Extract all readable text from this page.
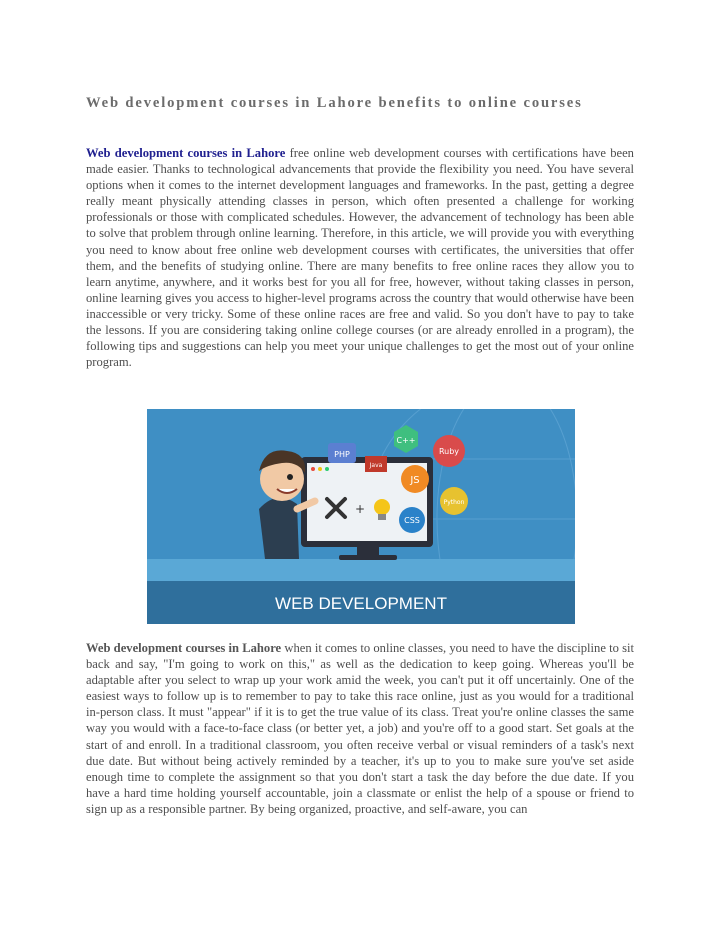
Web development courses in Lahore benefits to online courses

Web development courses in Lahore free online web development courses with certifications have been made easier. Thanks to technological advancements that provide the flexibility you need. You have several options when it comes to the internet development languages and frameworks. In the past, getting a degree really meant physically attending classes in person, which often presented a challenge for working professionals or those with complicated schedules. However, the advancement of technology has been able to solve that problem through online learning. Therefore, in this article, we will provide you with everything you need to know about free online web development courses with certificates, the universities that offer them, and the benefits of studying online. There are many benefits to free online races they allow you to learn anytime, anywhere, and it works best for you all for free, however, without taking classes in person, online learning gives you access to higher-level programs across the country that would otherwise have been inaccessible or very tricky. Some of these online races are free and valid. So you don't have to pay to take the lessons. If you are considering taking online college courses (or are already enrolled in a program), the following tips and suggestions can help you meet your unique challenges to get the most out of your online program.

+
PHP
C++
Ruby
Java
JS
Python
CSS
WEB DEVELOPMENT

Web development courses in Lahore when it comes to online classes, you need to have the discipline to sit back and say, "I'm going to work on this," as well as the dedication to keep going. Whereas you'll be adaptable after you select to wrap up your work amid the week, you can't put it off uncertainly. One of the easiest ways to follow up is to remember to pay to take this race online, just as you would for a traditional in-person class. It must "appear" if it is to get the true value of its class. Treat you're online classes the same way you would with a face-to-face class (or better yet, a job) and you're off to a good start. Set goals at the start of and enroll. In a traditional classroom, you often receive verbal or visual reminders of a task's next due date. But without being actively reminded by a teacher, it's up to you to make sure you've set aside enough time to complete the assignment so that you don't start a task the day before the due date. If you have a hard time holding yourself accountable, join a classmate or enlist the help of a spouse or friend to sign up as a responsible partner. By being organized, proactive, and self-aware, you can
